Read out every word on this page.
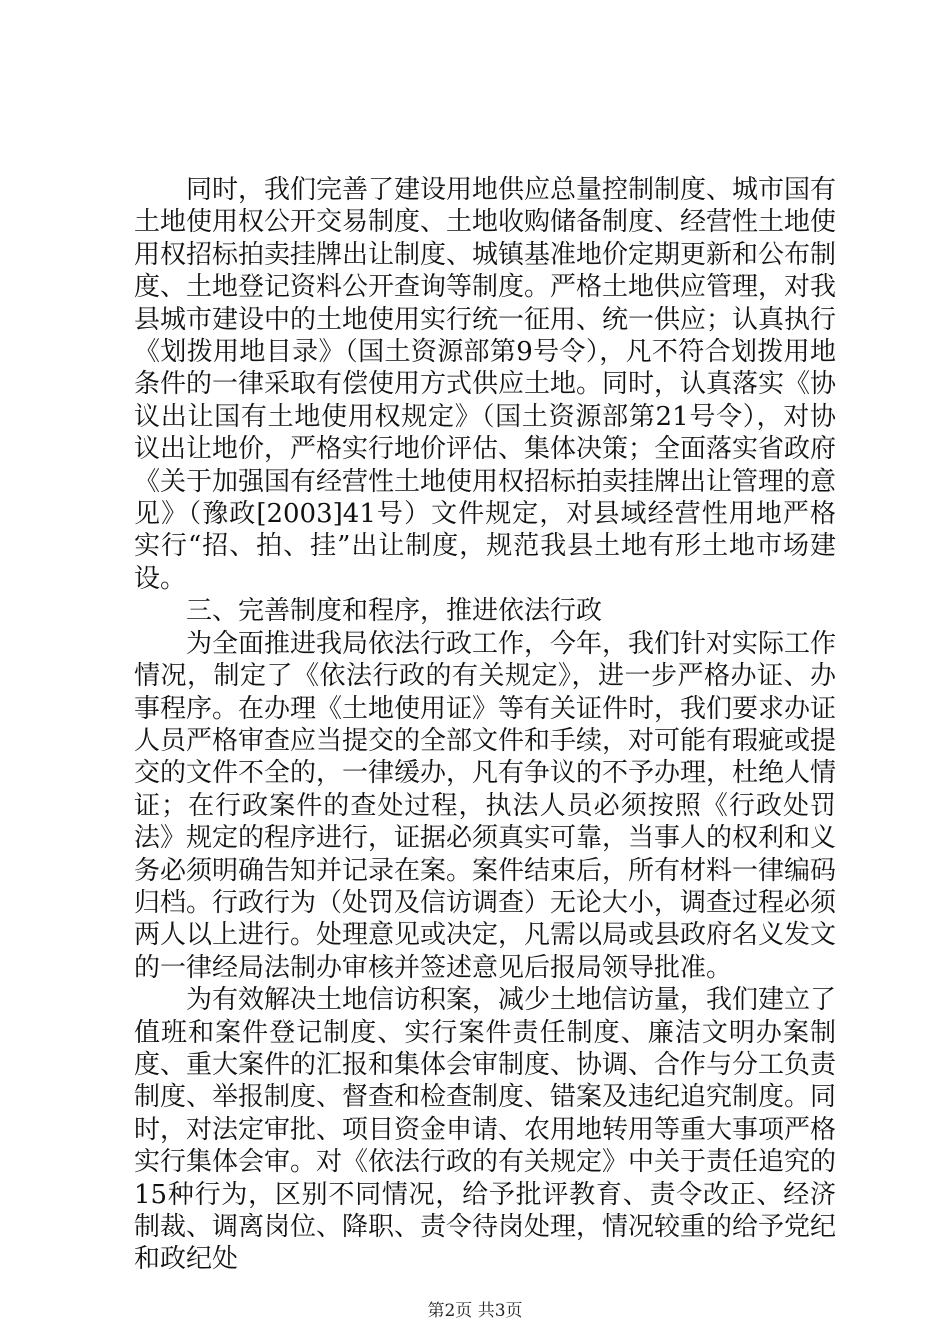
同时，我们完善了建设用地供应总量控制制度、城市国有土地使用权公开交易制度、土地收购储备制度、经营性土地使用权招标拍卖挂牌出让制度、城镇基准地价定期更新和公布制度、土地登记资料公开查询等制度。严格土地供应管理，对我县城市建设中的土地使用实行统一征用、统一供应；认真执行《划拨用地目录》（国土资源部第9号令），凡不符合划拨用地条件的一律采取有偿使用方式供应土地。同时，认真落实《协议出让国有土地使用权规定》（国土资源部第21号令），对协议出让地价，严格实行地价评估、集体决策；全面落实省政府《关于加强国有经营性土地使用权招标拍卖挂牌出让管理的意见》（豫政[2003]41号）文件规定，对县域经营性用地严格实行“招、拍、挂”出让制度，规范我县土地有形土地市场建设。

三、完善制度和程序，推进依法行政

为全面推进我局依法行政工作，今年，我们针对实际工作情况，制定了《依法行政的有关规定》，进一步严格办证、办事程序。在办理《土地使用证》等有关证件时，我们要求办证人员严格审查应当提交的全部文件和手续，对可能有瑕疵或提交的文件不全的，一律缓办，凡有争议的不予办理，杜绝人情证；在行政案件的查处过程，执法人员必须按照《行政处罚法》规定的程序进行，证据必须真实可靠，当事人的权利和义务必须明确告知并记录在案。案件结束后，所有材料一律编码归档。行政行为（处罚及信访调查）无论大小，调查过程必须两人以上进行。处理意见或决定，凡需以局或县政府名义发文的一律经局法制办审核并签述意见后报局领导批准。

为有效解决土地信访积案，减少土地信访量，我们建立了值班和案件登记制度、实行案件责任制度、廉洁文明办案制度、重大案件的汇报和集体会审制度、协调、合作与分工负责制度、举报制度、督查和检查制度、错案及违纪追究制度。同时，对法定审批、项目资金申请、农用地转用等重大事项严格实行集体会审。对《依法行政的有关规定》中关于责任追究的15种行为，区别不同情况，给予批评教育、责令改正、经济制裁、调离岗位、降职、责令待岗处理，情况较重的给予党纪和政纪处

第2页 共3页
